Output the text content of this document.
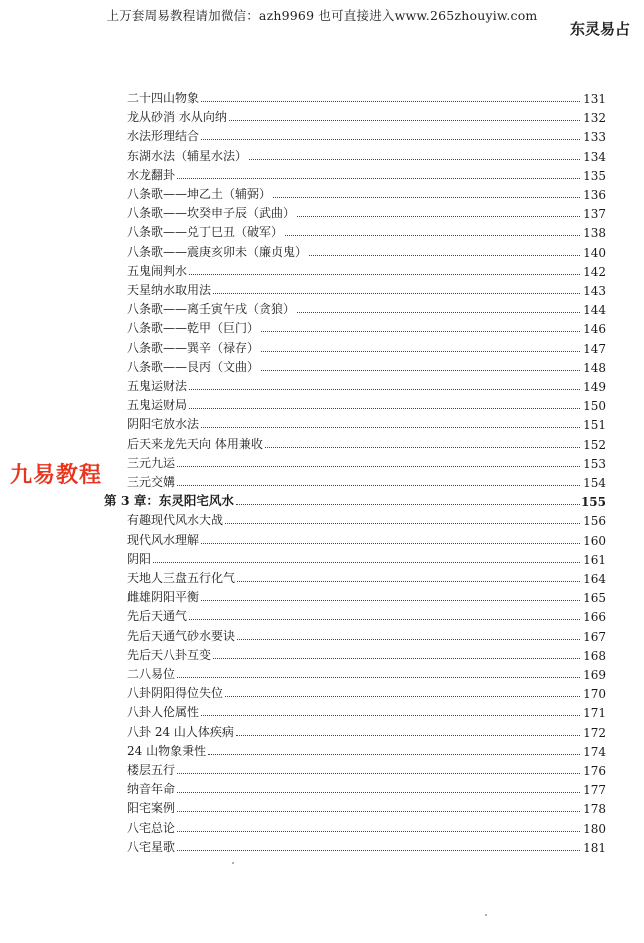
上万套周易教程请加微信：azh9969 也可直接进入www.265zhouyiw.com
东灵易占
九易教程
二十四山物象	131
龙从砂消 水从向纳	132
水法形理结合	133
东湖水法（辅星水法）	134
水龙翻卦	135
八条歌——坤乙土（辅弼）	136
八条歌——坎癸申子辰（武曲）	137
八条歌——兑丁巳丑（破军）	138
八条歌——震庚亥卯未（廉贞鬼）	140
五鬼闹判水	142
天星纳水取用法	143
八条歌——离壬寅午戌（贪狼）	144
八条歌——乾甲（巨门）	146
八条歌——巽辛（禄存）	147
八条歌——艮丙（文曲）	148
五鬼运财法	149
五鬼运财局	150
阴阳宅放水法	151
后天来龙先天向 体用兼收	152
三元九运	153
三元交媾	154
第 3 章：东灵阳宅风水	155
有趣现代风水大战	156
现代风水理解	160
阴阳	161
天地人三盘五行化气	164
雌雄阴阳平衡	165
先后天通气	166
先后天通气砂水要诀	167
先后天八卦互变	168
二八易位	169
八卦阴阳得位失位	170
八卦人伦属性	171
八卦 24 山人体疾病	172
24 山物象秉性	174
楼层五行	176
纳音年命	177
阳宅案例	178
八宅总论	180
八宅星歌	181
